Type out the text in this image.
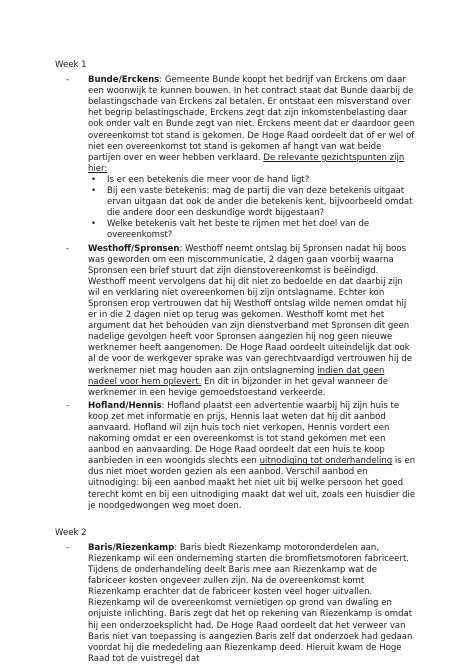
Week 1
- Bunde/Erckens: Gemeente Bunde koopt het bedrijf van Erckens om daar een woonwijk te kunnen bouwen. In het contract staat dat Bunde daarbij de belastingschade van Erckens zal betalen. Er ontstaat een misverstand over het begrip belastingschade, Erckens zegt dat zijn inkomstenbelasting daar ook onder valt en Bunde zegt van niet. Erckens meent dat er daardoor geen overeenkomst tot stand is gekomen. De Hoge Raad oordeelt dat of er wel of niet een overeenkomst tot stand is gekomen af hangt van wat beide partijen over en weer hebben verklaard. De relevante gezichtspunten zijn hier:

• Is er een betekenis die meer voor de hand ligt?
• Bij een vaste betekenis: mag de partij die van deze betekenis uitgaat ervan uitgaan dat ook de ander die betekenis kent, bijvoorbeeld omdat die andere door een deskundige wordt bijgestaan?
• Welke betekenis valt het beste te rijmen met het doel van de overeenkomst?
- Westhoff/Spronsen: Westhoff neemt ontslag bij Spronsen nadat hij boos was geworden om een miscommunicatie, 2 dagen gaan voorbij waarna Spronsen een brief stuurt dat zijn dienstovereenkomst is beëindigd. Westhoff meent vervolgens dat hij dit niet zo bedoelde en dat daarbij zijn wil en verklaring niet overeenkomen bij zijn ontslagname. Echter kon Spronsen erop vertrouwen dat hij Westhoff ontslag wilde nemen omdat hij er in die 2 dagen niet op terug was gekomen. Westhoff komt met het argument dat het behouden van zijn dienstverband met Spronsen dit geen nadelige gevolgen heeft voor Spronsen aangezien hij nog geen nieuwe werknemer heeft aangenomen. De Hoge Raad oordeelt uiteindelijk dat ook al de voor de werkgever sprake was van gerechtvaardigd vertrouwen hij de werknemer niet mag houden aan zijn ontslagneming indien dat geen nadeel voor hem oplevert. En dit in bijzonder in het geval wanneer de werknemer in een hevige gemoedstoestand verkeerde.

- Hofland/Hennis: Hofland plaatst een advertentie waarbij hij zijn huis te koop zet met informatie en prijs, Hennis laat weten dat hij dit aanbod aanvaard. Hofland wil zijn huis toch niet verkopen, Hennis vordert een nakoming omdat er een overeenkomst is tot stand gekomen met een aanbod en aanvaarding. De Hoge Raad oordeelt dat een huis te koop aanbieden in een woongids slechts een uitnodiging tot onderhandeling is en dus niet moet worden gezien als een aanbod. Verschil aanbod en uitnodiging: bij een aanbod maakt het niet uit bij welke persoon het goed terecht komt en bij een uitnodiging maakt dat wel uit, zoals een huisdier die je noodgedwongen weg moet doen.

Week 2
- Baris/Riezenkamp: Baris biedt Riezenkamp motoronderdelen aan, Riezenkamp wil een onderneming starten die bromfietsmotoren fabriceert. Tijdens de onderhandeling deelt Baris mee aan Riezenkamp wat de fabriceer kosten ongeveer zullen zijn. Na de overeenkomst komt Riezenkamp erachter dat de fabriceer kosten veel hoger uitvallen. Riezenkamp wil de overeenkomst vernietigen op grond van dwaling en onjuiste inlichting. Baris zegt dat het op rekening van Riezenkamp is omdat hij een onderzoeksplicht had. De Hoge Raad oordeelt dat het verweer van Baris niet van toepassing is aangezien Baris zelf dat onderzoek had gedaan voordat hij die mededeling aan Riezenkamp deed. Hieruit kwam de Hoge Raad tot de vuistregel dat
